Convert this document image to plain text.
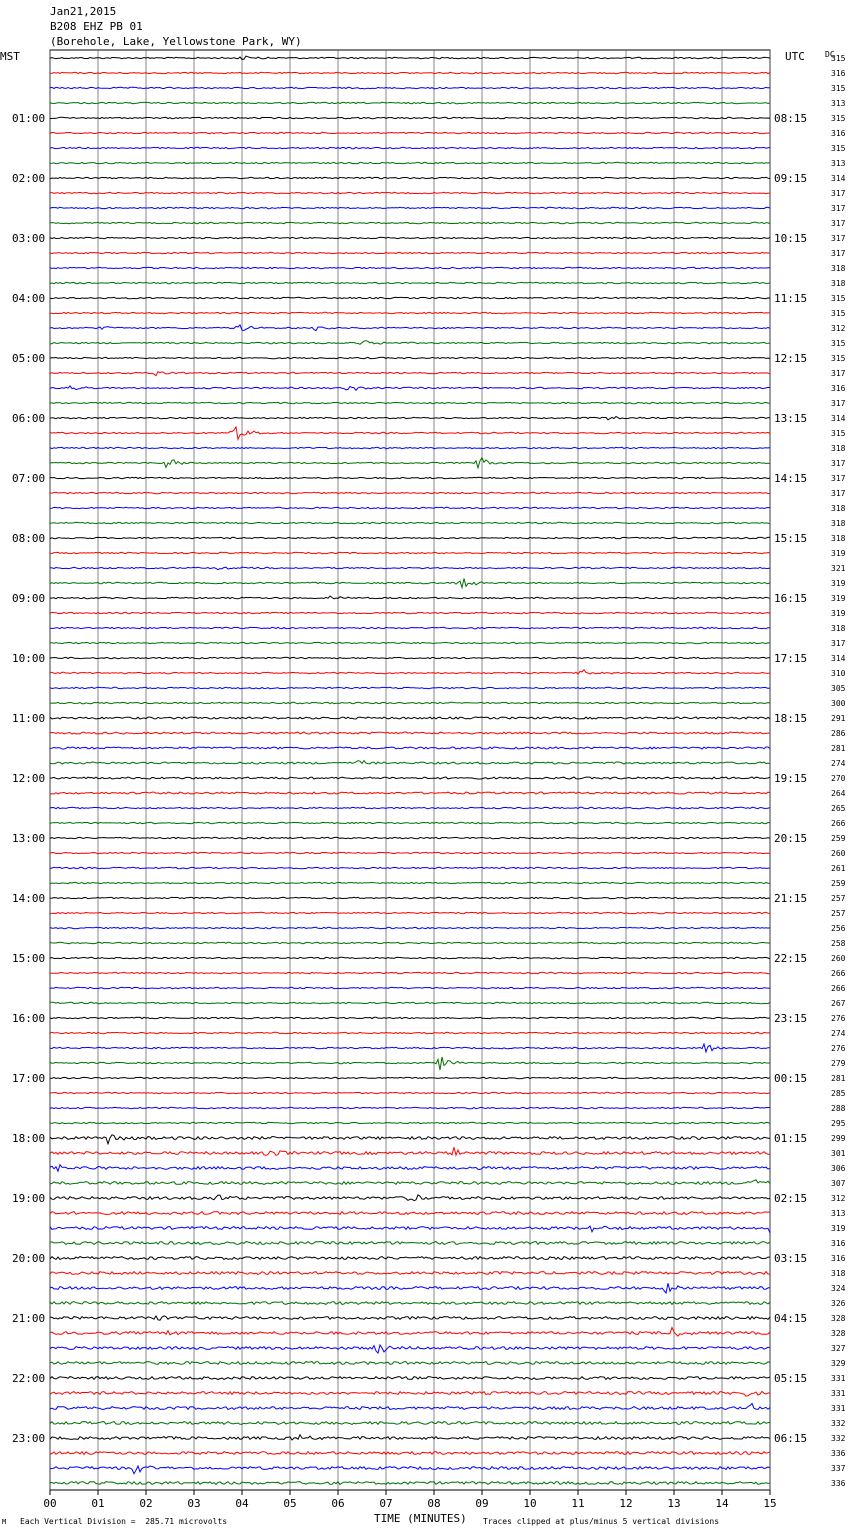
00	01	02	03	04	05	06	07	08	09	10	11	12	13	14	15
315
316
315
313
315
316
315
313
314
317
317
317
317
317
318
318
315
315
312
315
315
317
316
317
314
315
318
317
317
317
318
318
318
319
321
319
319
319
318
317
314
310
305
300
291
286
281
274
270
264
265
266
259
260
261
259
257
257
256
258
260
266
266
267
276
274
276
279
281
285
288
295
299
301
306
307
312
313
319
316
316
318
324
326
328
328
327
329
331
331
331
332
332
336
337
336
01:00	08:15
02:00	09:15
03:00	10:15
04:00	11:15
05:00	12:15
06:00	13:15
07:00	14:15
08:00	15:15
09:00	16:15
10:00	17:15
11:00	18:15
12:00	19:15
13:00	20:15
14:00	21:15
15:00	22:15
16:00	23:15
17:00	00:15
18:00	01:15
19:00	02:15
20:00	03:15
21:00	04:15
22:00	05:15
23:00	06:15
Jan21,2015
B208 EHZ PB 01
(Borehole, Lake, Yellowstone Park, WY)
MST	UTC	DC
M Each Vertical Division =  285.71 microvolts	TIME (MINUTES) Traces clipped at plus/minus 5 vertical divisions
